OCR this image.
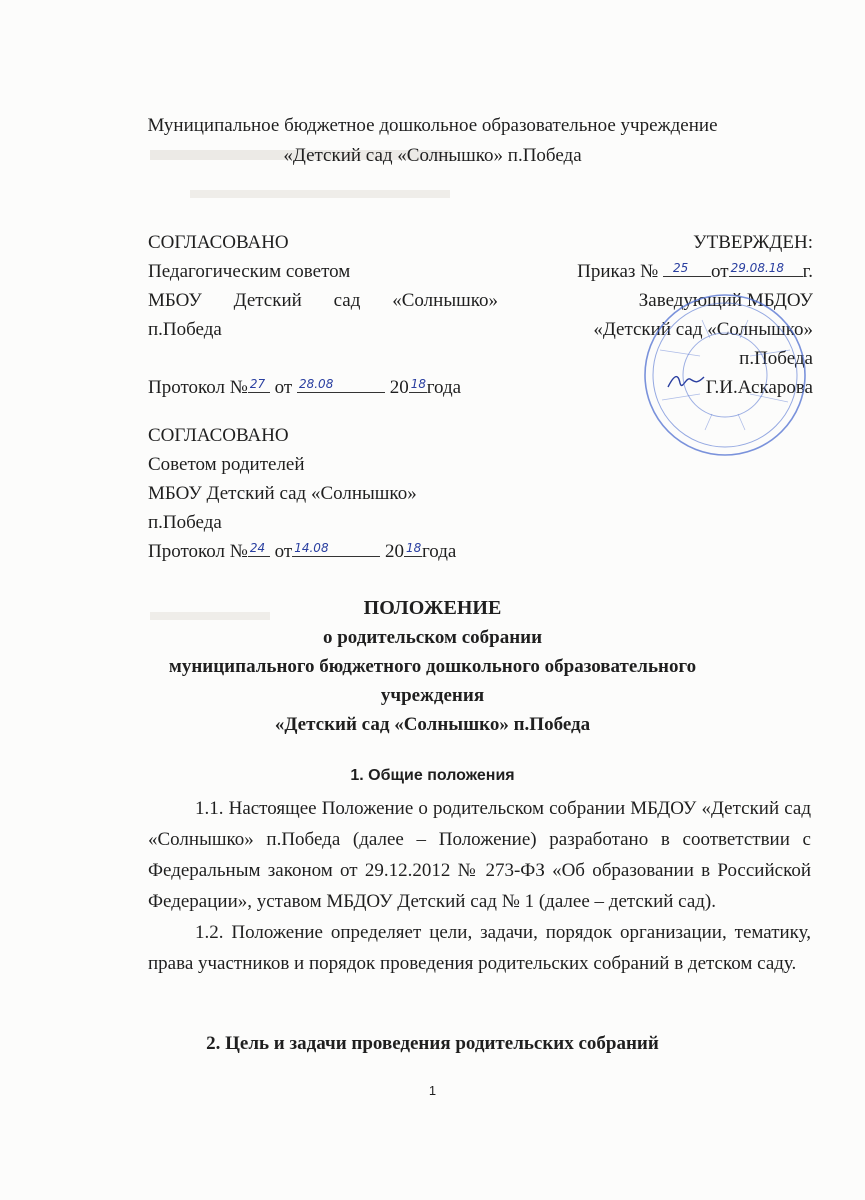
Муниципальное бюджетное дошкольное образовательное учреждение
«Детский сад «Солнышко» п.Победа
СОГЛАСОВАНО
Педагогическим советом
МБОУ Детский сад «Солнышко»
п.Победа
Протокол № 27 от 28.08	20 18 года
УТВЕРЖДЕН:
Приказ № 25 от 29.08.18 г.
Заведующий МБДОУ
«Детский сад «Солнышко»
п.Победа
Г.И.Аскарова
СОГЛАСОВАНО
Советом родителей
МБОУ Детский сад «Солнышко»
п.Победа
Протокол № 24 от 14.08	20 18 года
ПОЛОЖЕНИЕ
о родительском собрании
муниципального бюджетного дошкольного образовательного
учреждения
«Детский сад «Солнышко» п.Победа
1. Общие положения

1.1. Настоящее Положение о родительском собрании МБДОУ «Детский сад «Солнышко» п.Победа (далее – Положение) разработано в соответствии с Федеральным законом от 29.12.2012 № 273-ФЗ «Об образовании в Российской Федерации», уставом МБДОУ Детский сад № 1 (далее – детский сад).

1.2. Положение определяет цели, задачи, порядок организации, тематику, права участников и порядок проведения родительских собраний в детском саду.

2. Цель и задачи проведения родительских собраний
1
